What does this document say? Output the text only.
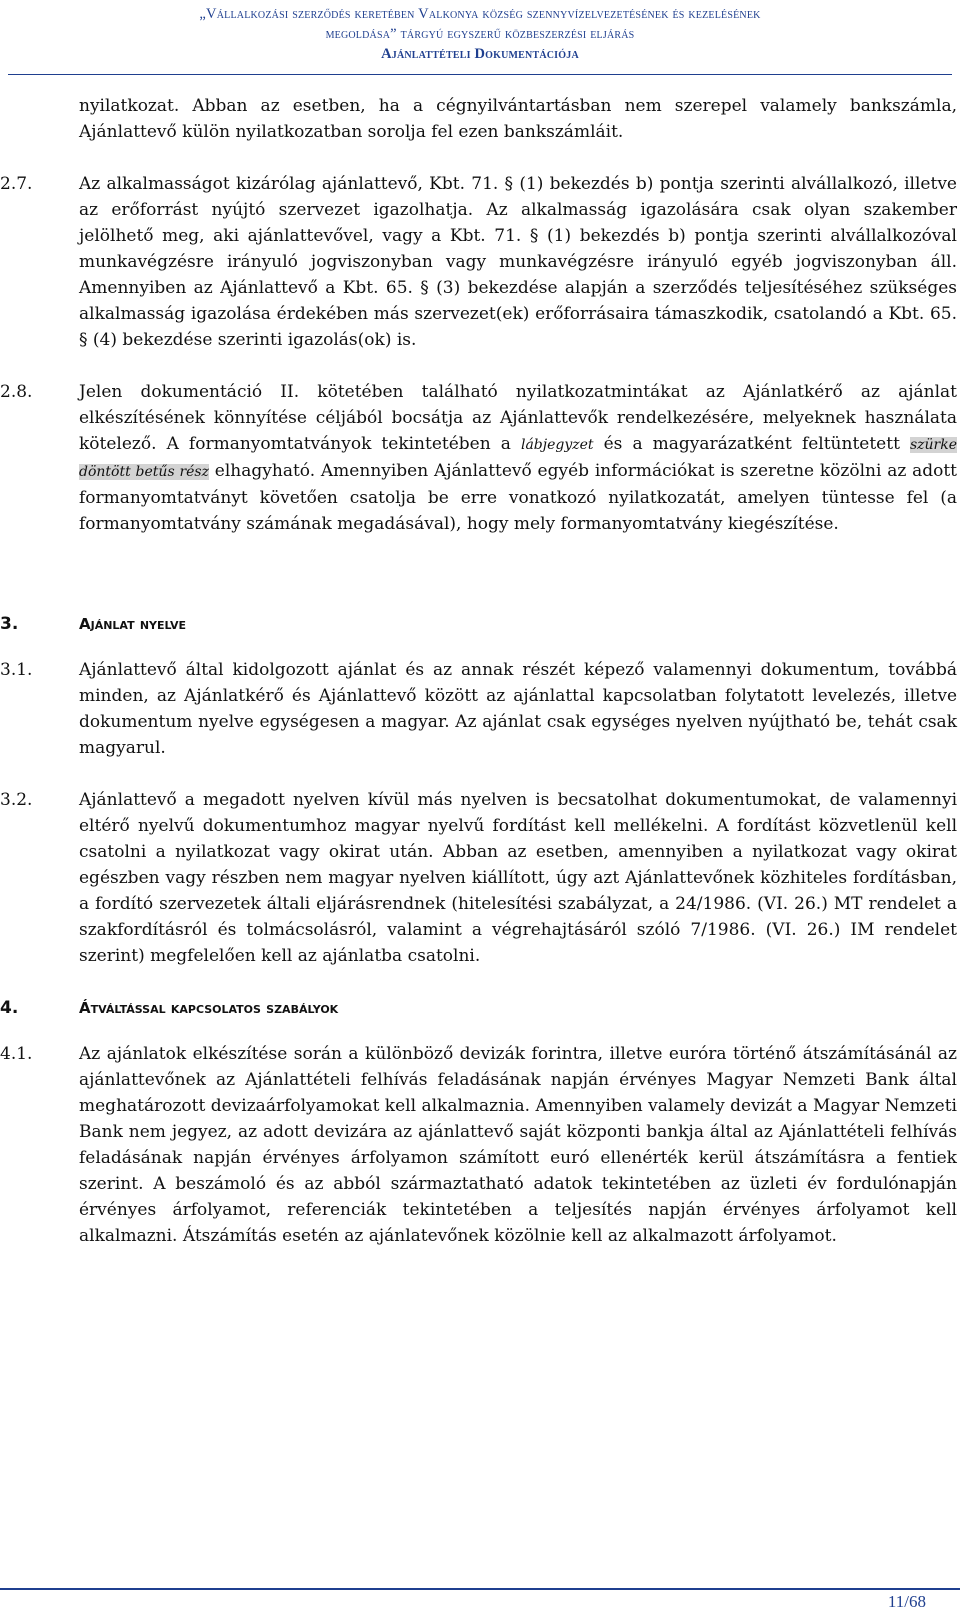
„Vállalkozási szerződés keretében Valkonya község szennyvízelvezetésének és kezelésének
megoldása” tárgyú egyszerű közbeszerzési eljárás
Ajánlattételi Dokumentációja
nyilatkozat. Abban az esetben, ha a cégnyilvántartásban nem szerepel valamely bankszámla, Ajánlattevő külön nyilatkozatban sorolja fel ezen bankszámláit.
2.7.	Az alkalmasságot kizárólag ajánlattevő, Kbt. 71. § (1) bekezdés b) pontja szerinti alvállalkozó, illetve az erőforrást nyújtó szervezet igazolhatja. Az alkalmasság igazolására csak olyan szakember jelölhető meg, aki ajánlattevővel, vagy a Kbt. 71. § (1) bekezdés b) pontja szerinti alvállalkozóval munkavégzésre irányuló jogviszonyban vagy munkavégzésre irányuló egyéb jogviszonyban áll. Amennyiben az Ajánlattevő a Kbt. 65. § (3) bekezdése alapján a szerződés teljesítéséhez szükséges alkalmasság igazolása érdekében más szervezet(ek) erőforrásaira támaszkodik, csatolandó a Kbt. 65. § (4) bekezdése szerinti igazolás(ok) is.
2.8.	Jelen dokumentáció II. kötetében található nyilatkozatmintákat az Ajánlatkérő az ajánlat elkészítésének könnyítése céljából bocsátja az Ajánlattevők rendelkezésére, melyeknek használata kötelező. A formanyomtatványok tekintetében a lábjegyzet és a magyarázatként feltüntetett szürke döntött betűs rész elhagyható. Amennyiben Ajánlattevő egyéb információkat is szeretne közölni az adott formanyomtatványt követően csatolja be erre vonatkozó nyilatkozatát, amelyen tüntesse fel (a formanyomtatvány számának megadásával), hogy mely formanyomtatvány kiegészítése.
3.	Ajánlat nyelve
3.1.	Ajánlattevő által kidolgozott ajánlat és az annak részét képező valamennyi dokumentum, továbbá minden, az Ajánlatkérő és Ajánlattevő között az ajánlattal kapcsolatban folytatott levelezés, illetve dokumentum nyelve egységesen a magyar. Az ajánlat csak egységes nyelven nyújtható be, tehát csak magyarul.
3.2.	Ajánlattevő a megadott nyelven kívül más nyelven is becsatolhat dokumentumokat, de valamennyi eltérő nyelvű dokumentumhoz magyar nyelvű fordítást kell mellékelni. A fordítást közvetlenül kell csatolni a nyilatkozat vagy okirat után. Abban az esetben, amennyiben a nyilatkozat vagy okirat egészben vagy részben nem magyar nyelven kiállított, úgy azt Ajánlattevőnek közhiteles fordításban, a fordító szervezetek általi eljárásrendnek (hitelesítési szabályzat, a 24/1986. (VI. 26.) MT rendelet a szakfordításról és tolmácsolásról, valamint a végrehajtásáról szóló 7/1986. (VI. 26.) IM rendelet szerint) megfelelően kell az ajánlatba csatolni.
4.	Átváltással kapcsolatos szabályok
4.1.	Az ajánlatok elkészítése során a különböző devizák forintra, illetve euróra történő átszámításánál az ajánlattevőnek az Ajánlattételi felhívás feladásának napján érvényes Magyar Nemzeti Bank által meghatározott devizaárfolyamokat kell alkalmaznia. Amennyiben valamely devizát a Magyar Nemzeti Bank nem jegyez, az adott devizára az ajánlattevő saját központi bankja által az Ajánlattételi felhívás feladásának napján érvényes árfolyamon számított euró ellenérték kerül átszámításra a fentiek szerint. A beszámoló és az abból származtatható adatok tekintetében az üzleti év fordulónapján érvényes árfolyamot, referenciák tekintetében a teljesítés napján érvényes árfolyamot kell alkalmazni. Átszámítás esetén az ajánlatevőnek közölnie kell az alkalmazott árfolyamot.
11/68
